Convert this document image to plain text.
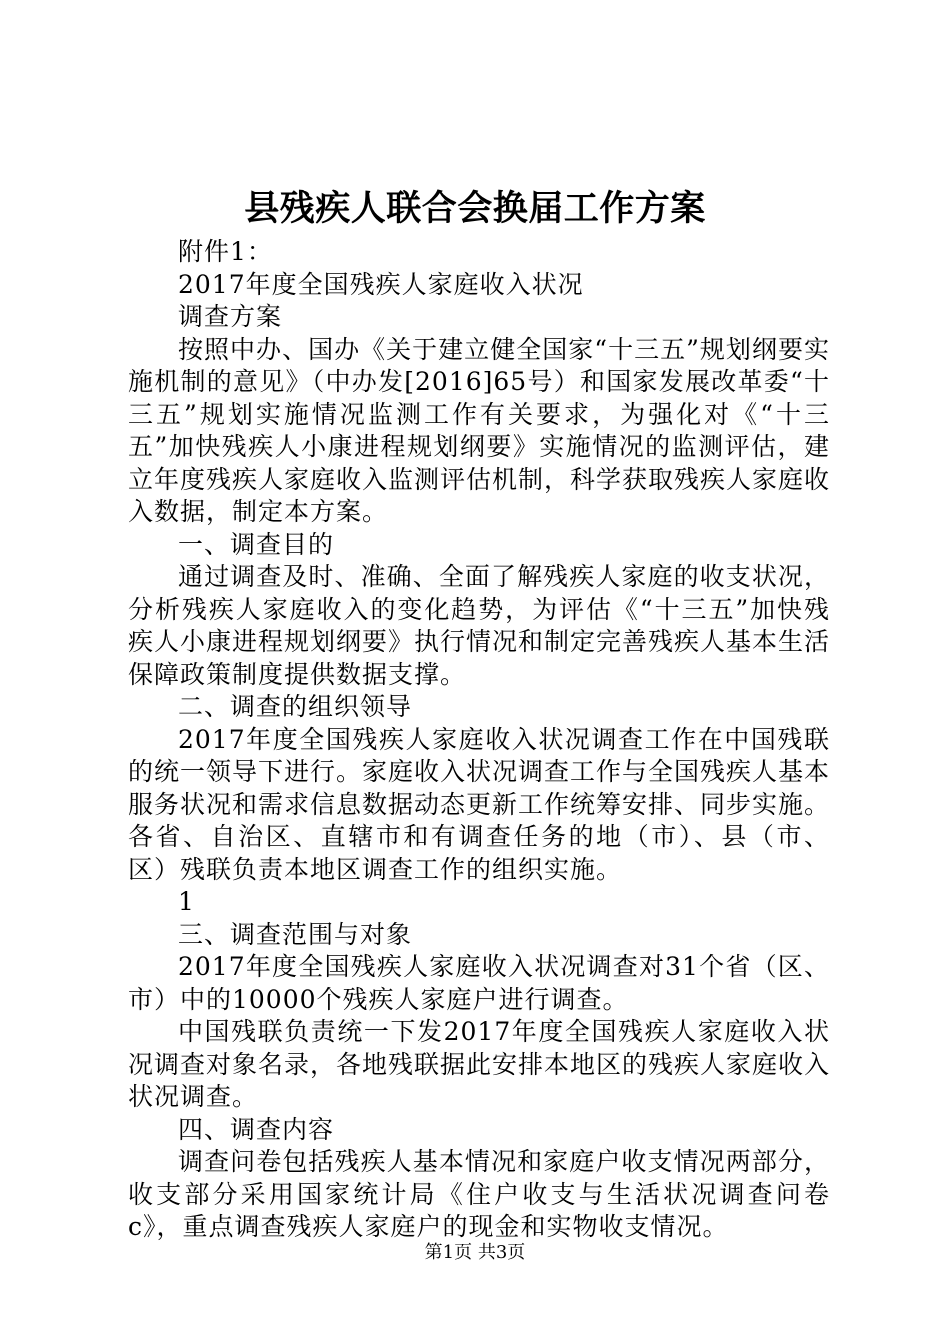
县残疾人联合会换届工作方案

附件1：

2017年度全国残疾人家庭收入状况

调查方案

按照中办、国办《关于建立健全国家“十三五”规划纲要实施机制的意见》（中办发[2016]65号）和国家发展改革委“十三五”规划实施情况监测工作有关要求，为强化对《“十三五”加快残疾人小康进程规划纲要》实施情况的监测评估，建立年度残疾人家庭收入监测评估机制，科学获取残疾人家庭收入数据，制定本方案。

一、调查目的

通过调查及时、准确、全面了解残疾人家庭的收支状况，分析残疾人家庭收入的变化趋势，为评估《“十三五”加快残疾人小康进程规划纲要》执行情况和制定完善残疾人基本生活保障政策制度提供数据支撑。

二、调查的组织领导

2017年度全国残疾人家庭收入状况调查工作在中国残联的统一领导下进行。家庭收入状况调查工作与全国残疾人基本服务状况和需求信息数据动态更新工作统筹安排、同步实施。各省、自治区、直辖市和有调查任务的地（市）、县（市、区）残联负责本地区调查工作的组织实施。

1

三、调查范围与对象

2017年度全国残疾人家庭收入状况调查对31个省（区、市）中的10000个残疾人家庭户进行调查。

中国残联负责统一下发2017年度全国残疾人家庭收入状况调查对象名录，各地残联据此安排本地区的残疾人家庭收入状况调查。

四、调查内容

调查问卷包括残疾人基本情况和家庭户收支情况两部分，收支部分采用国家统计局《住户收支与生活状况调查问卷c》，重点调查残疾人家庭户的现金和实物收支情况。

第1页 共3页
